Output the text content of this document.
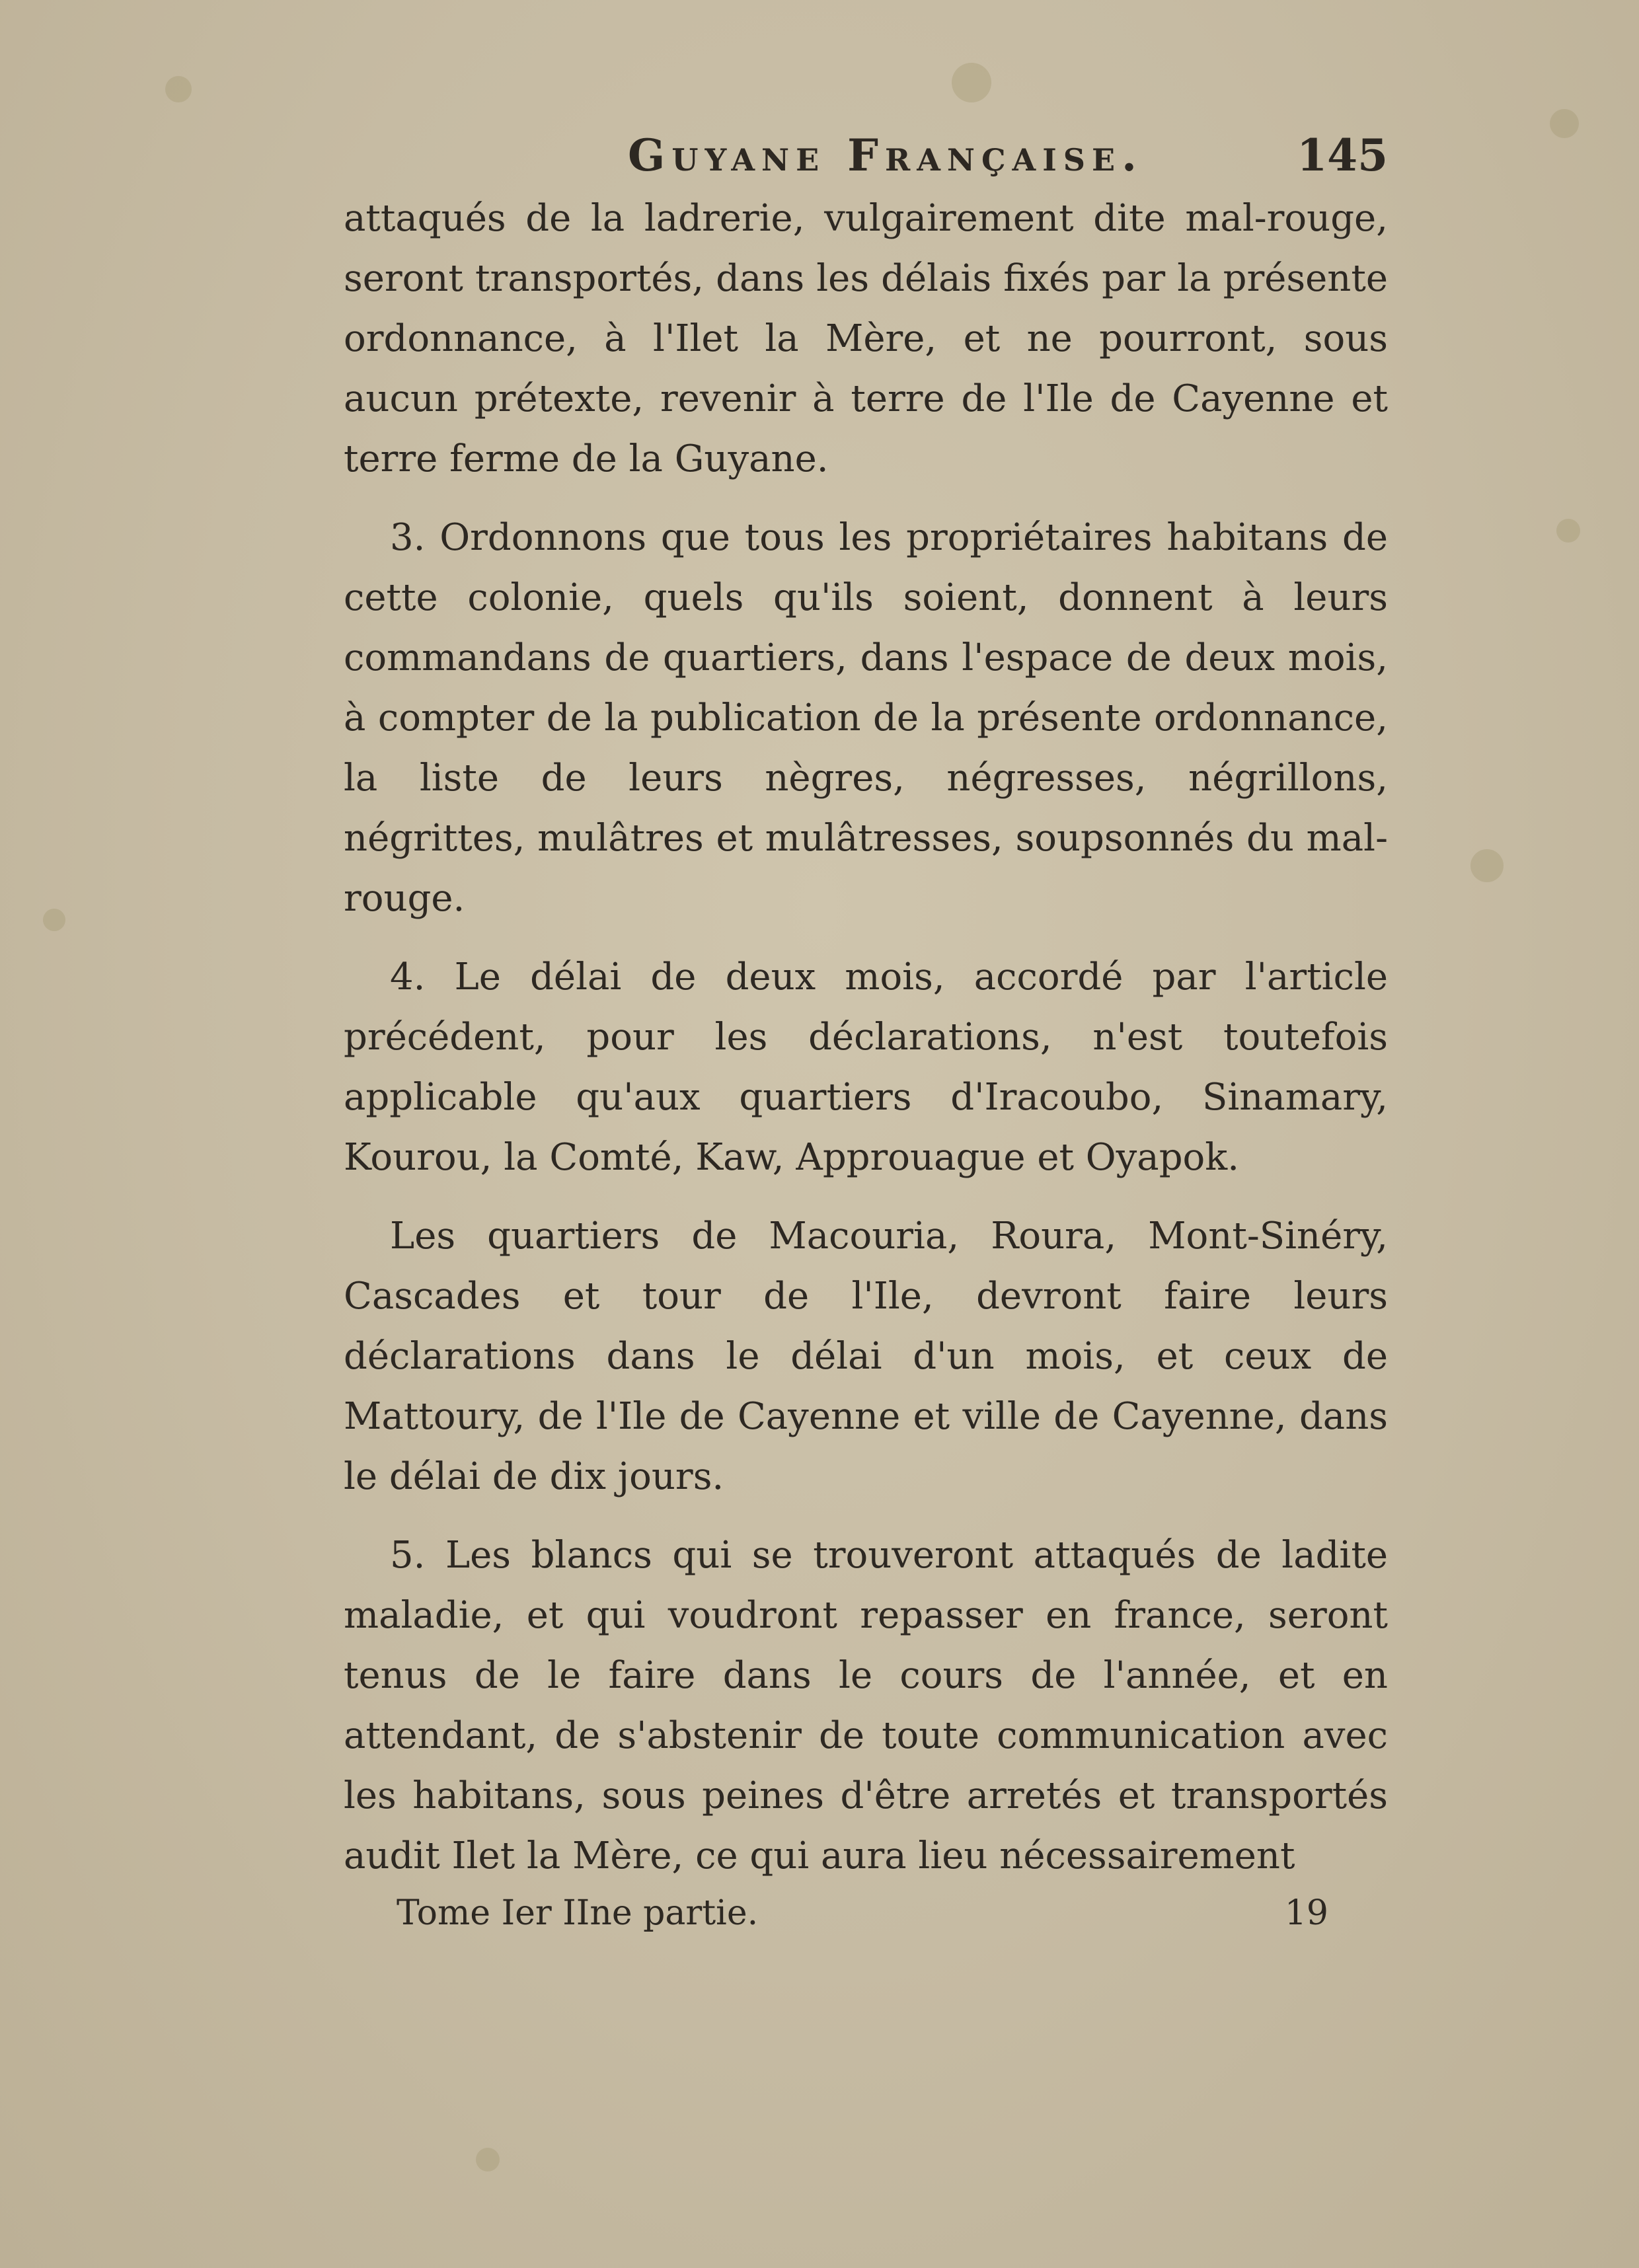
Guyane Française.	145

attaqués de la ladrerie, vulgairement dite mal-rouge, seront transportés, dans les délais fixés par la présente ordonnance, à l'Ilet la Mère, et ne pourront, sous aucun prétexte, revenir à terre de l'Ile de Cayenne et terre ferme de la Guyane.

3. Ordonnons que tous les propriétaires habitans de cette colonie, quels qu'ils soient, donnent à leurs commandans de quartiers, dans l'espace de deux mois, à compter de la publication de la présente ordonnance, la liste de leurs nègres, négresses, négrillons, négrittes, mulâtres et mulâtresses, soupsonnés du mal-rouge.

4. Le délai de deux mois, accordé par l'article précédent, pour les déclarations, n'est toutefois applicable qu'aux quartiers d'Iracoubo, Sinamary, Kourou, la Comté, Kaw, Approuague et Oyapok.

Les quartiers de Macouria, Roura, Mont-Sinéry, Cascades et tour de l'Ile, devront faire leurs déclarations dans le délai d'un mois, et ceux de Mattoury, de l'Ile de Cayenne et ville de Cayenne, dans le délai de dix jours.

5. Les blancs qui se trouveront attaqués de ladite maladie, et qui voudront repasser en france, seront tenus de le faire dans le cours de l'année, et en attendant, de s'abstenir de toute communication avec les habitans, sous peines d'être arretés et transportés audit Ilet la Mère, ce qui aura lieu nécessairement

Tome Ier IIne partie.	19
